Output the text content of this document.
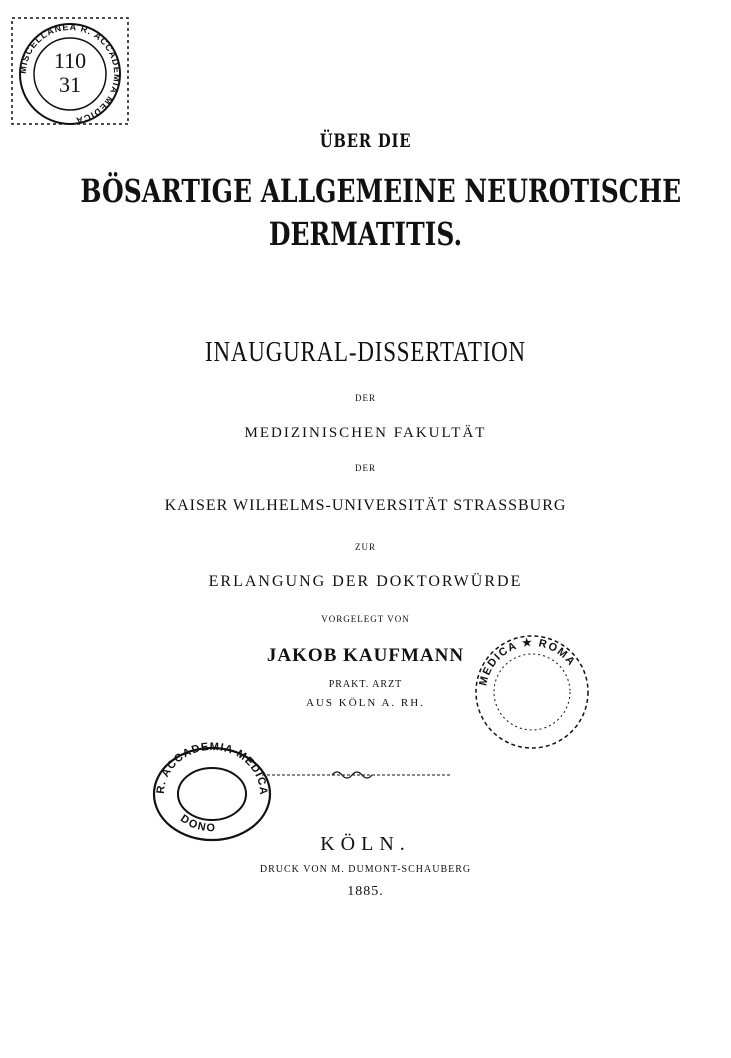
MISCELLANEA R. ACCADEMIA MEDICA
110
31
ÜBER DIE
BÖSARTIGE ALLGEMEINE NEUROTISCHE
DERMATITIS.
INAUGURAL-DISSERTATION
DER
MEDIZINISCHEN FAKULTÄT
DER
KAISER WILHELMS-UNIVERSITÄT STRASSBURG
ZUR
ERLANGUNG DER DOKTORWÜRDE
VORGELEGT VON
JAKOB KAUFMANN
PRAKT. ARZT
AUS KÖLN A. RH.
MEDICA ★ ROMA
R. ACCADEMIA MEDICA
DONO
KÖLN.
DRUCK VON M. DUMONT-SCHAUBERG
1885.
